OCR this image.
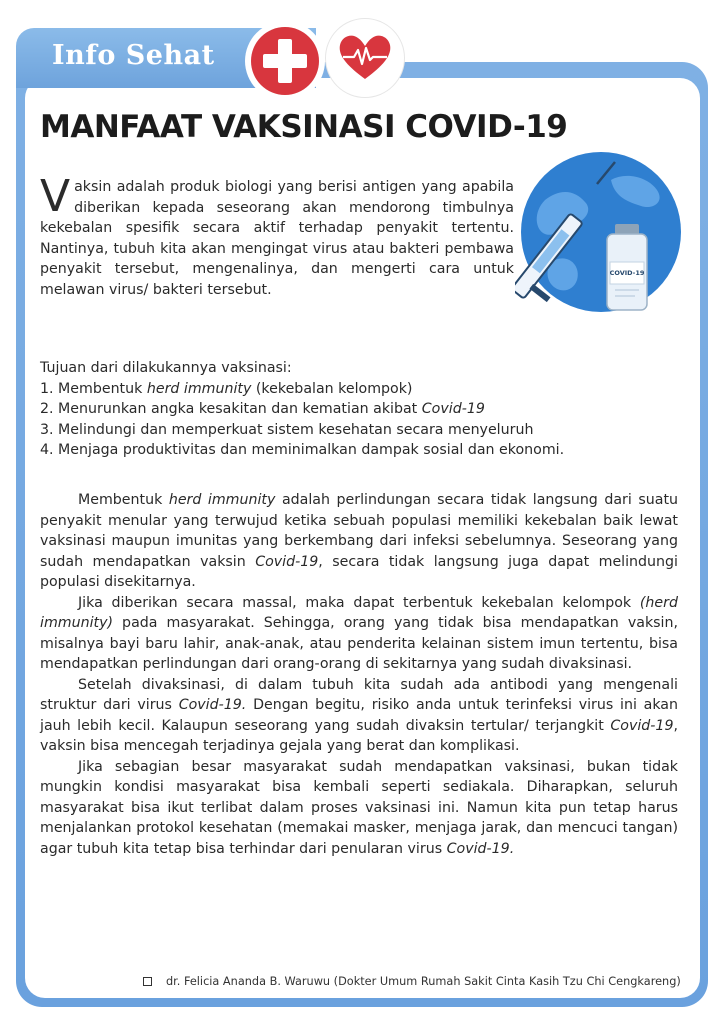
Info Sehat
MANFAAT VAKSINASI COVID-19
COVID-19
Vaksin adalah produk biologi yang berisi antigen yang apabila diberikan kepada seseorang akan mendorong timbulnya kekebalan spesifik secara aktif terhadap penyakit tertentu. Nantinya, tubuh kita akan mengingat virus atau bakteri pembawa penyakit tersebut, mengenalinya, dan mengerti cara untuk melawan virus/ bakteri tersebut.
Tujuan dari dilakukannya vaksinasi:
1. Membentuk herd immunity (kekebalan kelompok)
2. Menurunkan angka kesakitan dan kematian akibat Covid-19
3. Melindungi dan memperkuat sistem kesehatan secara menyeluruh
4. Menjaga produktivitas dan meminimalkan dampak sosial dan ekonomi.

Membentuk herd immunity adalah perlindungan secara tidak langsung dari suatu penyakit menular yang terwujud ketika sebuah populasi memiliki kekebalan baik lewat vaksinasi maupun imunitas yang berkembang dari infeksi sebelumnya. Seseorang yang sudah mendapatkan vaksin Covid-19, secara tidak langsung juga dapat melindungi populasi disekitarnya.

Jika diberikan secara massal, maka dapat terbentuk kekebalan kelompok (herd immunity) pada masyarakat. Sehingga, orang yang tidak bisa mendapatkan vaksin, misalnya bayi baru lahir, anak-anak, atau penderita kelainan sistem imun tertentu, bisa mendapatkan perlindungan dari orang-orang di sekitarnya yang sudah divaksinasi.

Setelah divaksinasi, di dalam tubuh kita sudah ada antibodi yang mengenali struktur dari virus Covid-19. Dengan begitu, risiko anda untuk terinfeksi virus ini akan jauh lebih kecil. Kalaupun seseorang yang sudah divaksin tertular/ terjangkit Covid-19, vaksin bisa mencegah terjadinya gejala yang berat dan komplikasi.

Jika sebagian besar masyarakat sudah mendapatkan vaksinasi, bukan tidak mungkin kondisi masyarakat bisa kembali seperti sediakala. Diharapkan, seluruh masyarakat bisa ikut terlibat dalam proses vaksinasi ini. Namun kita pun tetap harus menjalankan protokol kesehatan (memakai masker, menjaga jarak, dan mencuci tangan) agar tubuh kita tetap bisa terhindar dari penularan virus Covid-19.

dr. Felicia Ananda B. Waruwu (Dokter Umum Rumah Sakit Cinta Kasih Tzu Chi Cengkareng)
